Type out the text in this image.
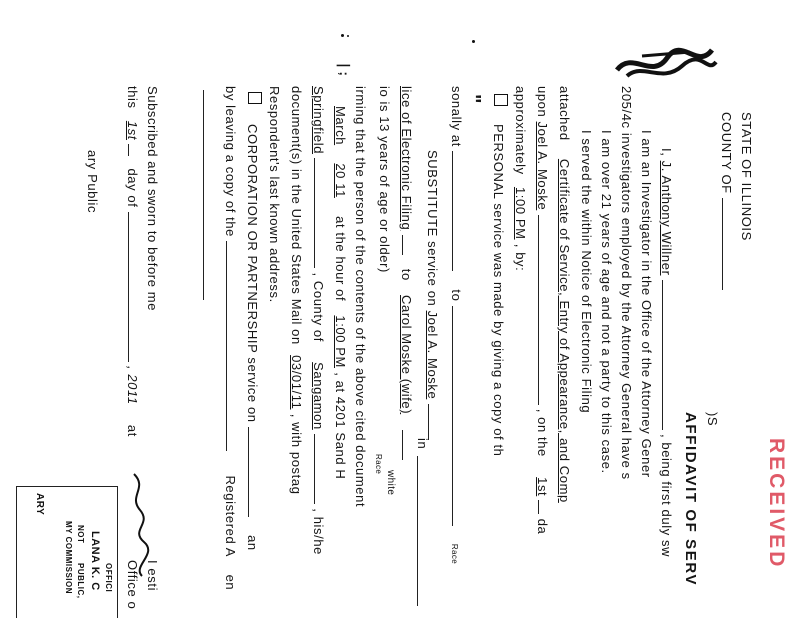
RECEIVED
STATE OF ILLINOIS
COUNTY OF
)S
AFFIDAVIT OF SERV
I, J. Anthony Willner  , being first duly sw
I am an Investigator in the Office of the Attorney Gener
205/4c investigators employed by the Attorney General have s
I am over 21 years of age and not a party to this case.
I served the within Notice of Electronic Filing
attached Certificate of Service, Entry of Appearance, and Comp
upon Joel A. Moske  , on the 1st  da
approximately 1:00 PM , by:
PERSONAL service was made by giving a copy of th
"
sonally at  to  Race
SUBSTITUTE service on Joel A. Moske
in
lice of Electronic Filing  to Carol Moske (wife)
white
io is 13 years of age or older)
Race
irming that the person of the contents of the above cited document
❘;
March 20 11 at the hour of 1:00 PM , at 4201 Sand H
Springfield  , County of Sangamon  , his/he
document(s) in the United States Mail on 03/01/11 , with postag
Respondent's last known address.
CORPORATION OR PARTNERSHIP service on  an
by leaving a copy of the  Registered A en
Subscribed and sworn to before me
this 1st  day of  , 2011 at
ary Public
I esti
Office o
OFFICI
LANA K. C
NOT
PUBLIC,
MY COMMISSION
ARY
